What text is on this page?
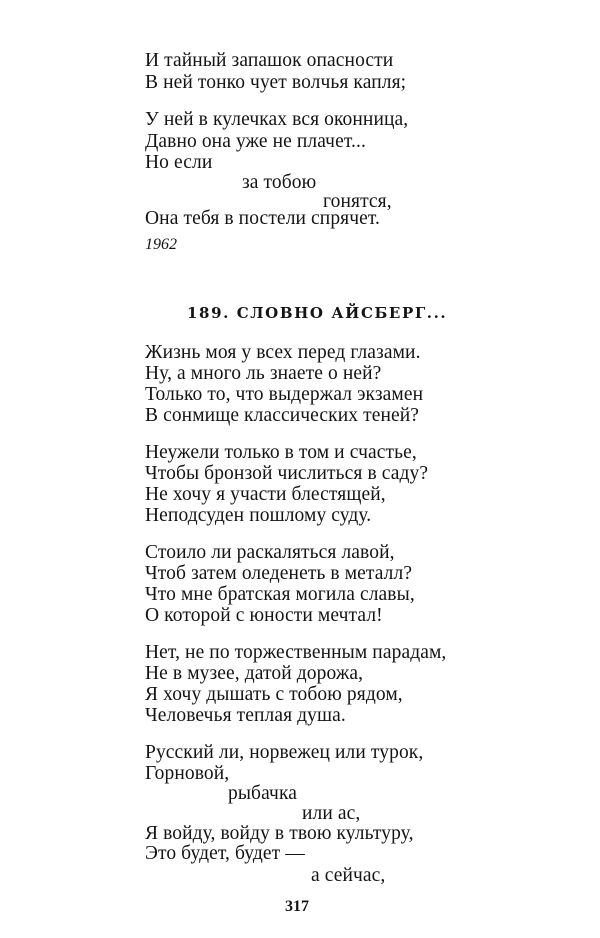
И тайный запашок опасности
В ней тонко чует волчья капля;
У ней в кулечках вся оконница,
Давно она уже не плачет...
Но если
за тобою
гонятся,
Она тебя в постели спрячет.
1962
189. СЛОВНО АЙСБЕРГ...
Жизнь моя у всех перед глазами.
Ну, а много ль знаете о ней?
Только то, что выдержал экзамен
В сонмище классических теней?
Неужели только в том и счастье,
Чтобы бронзой числиться в саду?
Не хочу я участи блестящей,
Неподсуден пошлому суду.
Стоило ли раскаляться лавой,
Чтоб затем оледенеть в металл?
Что мне братская могила славы,
О которой с юности мечтал!
Нет, не по торжественным парадам,
Не в музее, датой дорожа,
Я хочу дышать с тобою рядом,
Человечья теплая душа.
Русский ли, норвежец или турок,
Горновой,
рыбачка
или ас,
Я войду, войду в твою культуру,
Это будет, будет —
а сейчас,
317
